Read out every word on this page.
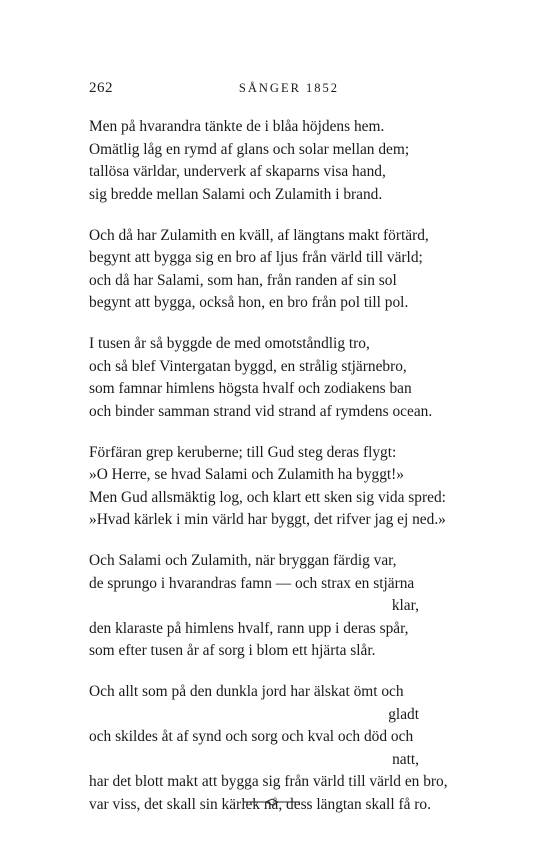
262	SÅNGER 1852
Men på hvarandra tänkte de i blåa höjdens hem.
Omätlig låg en rymd af glans och solar mellan dem;
tallösa världar, underverk af skaparns visa hand,
sig bredde mellan Salami och Zulamith i brand.
Och då har Zulamith en kväll, af längtans makt förtärd,
begynt att bygga sig en bro af ljus från värld till värld;
och då har Salami, som han, från randen af sin sol
begynt att bygga, också hon, en bro från pol till pol.
I tusen år så byggde de med omotståndlig tro,
och så blef Vintergatan byggd, en strålig stjärnebro,
som famnar himlens högsta hvalf och zodiakens ban
och binder samman strand vid strand af rymdens ocean.
Förfäran grep keruberne; till Gud steg deras flygt:
»O Herre, se hvad Salami och Zulamith ha byggt!»
Men Gud allsmäktig log, och klart ett sken sig vida spred:
»Hvad kärlek i min värld har byggt, det rifver jag ej ned.»
Och Salami och Zulamith, när bryggan färdig var,
de sprungo i hvarandras famn — och strax en stjärna
klar,
den klaraste på himlens hvalf, rann upp i deras spår,
som efter tusen år af sorg i blom ett hjärta slår.
Och allt som på den dunkla jord har älskat ömt och
gladt
och skildes åt af synd och sorg och kval och död och
natt,
har det blott makt att bygga sig från värld till värld en bro,
var viss, det skall sin kärlek nå, dess längtan skall få ro.
